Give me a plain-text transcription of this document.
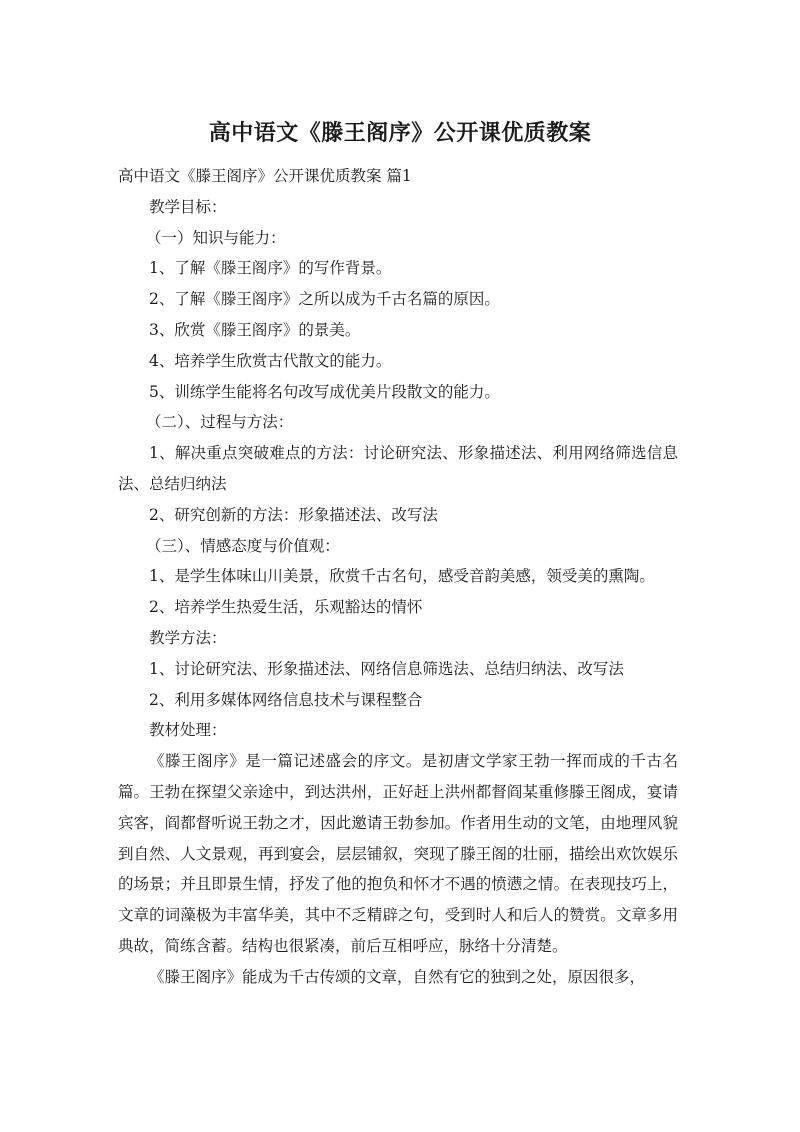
高中语文《滕王阁序》公开课优质教案

高中语文《滕王阁序》公开课优质教案 篇1

教学目标：

（一）知识与能力：

1、了解《滕王阁序》的写作背景。

2、了解《滕王阁序》之所以成为千古名篇的原因。

3、欣赏《滕王阁序》的景美。

4、培养学生欣赏古代散文的能力。

5、训练学生能将名句改写成优美片段散文的能力。

（二）、过程与方法：

1、解决重点突破难点的方法：讨论研究法、形象描述法、利用网络筛选信息法、总结归纳法

2、研究创新的方法：形象描述法、改写法

（三）、情感态度与价值观：

1、是学生体味山川美景，欣赏千古名句，感受音韵美感，领受美的熏陶。

2、培养学生热爱生活，乐观豁达的情怀

教学方法：

1、讨论研究法、形象描述法、网络信息筛选法、总结归纳法、改写法

2、利用多媒体网络信息技术与课程整合

教材处理：

《滕王阁序》是一篇记述盛会的序文。是初唐文学家王勃一挥而成的千古名篇。王勃在探望父亲途中，到达洪州，正好赶上洪州都督阎某重修滕王阁成，宴请宾客，阎都督听说王勃之才，因此邀请王勃参加。作者用生动的文笔，由地理风貌到自然、人文景观，再到宴会，层层铺叙，突现了滕王阁的壮丽，描绘出欢饮娱乐的场景；并且即景生情，抒发了他的抱负和怀才不遇的愤懑之情。在表现技巧上，文章的词藻极为丰富华美，其中不乏精辟之句，受到时人和后人的赞赏。文章多用典故，简练含蓄。结构也很紧凑，前后互相呼应，脉络十分清楚。

《滕王阁序》能成为千古传颂的文章，自然有它的独到之处，原因很多，
